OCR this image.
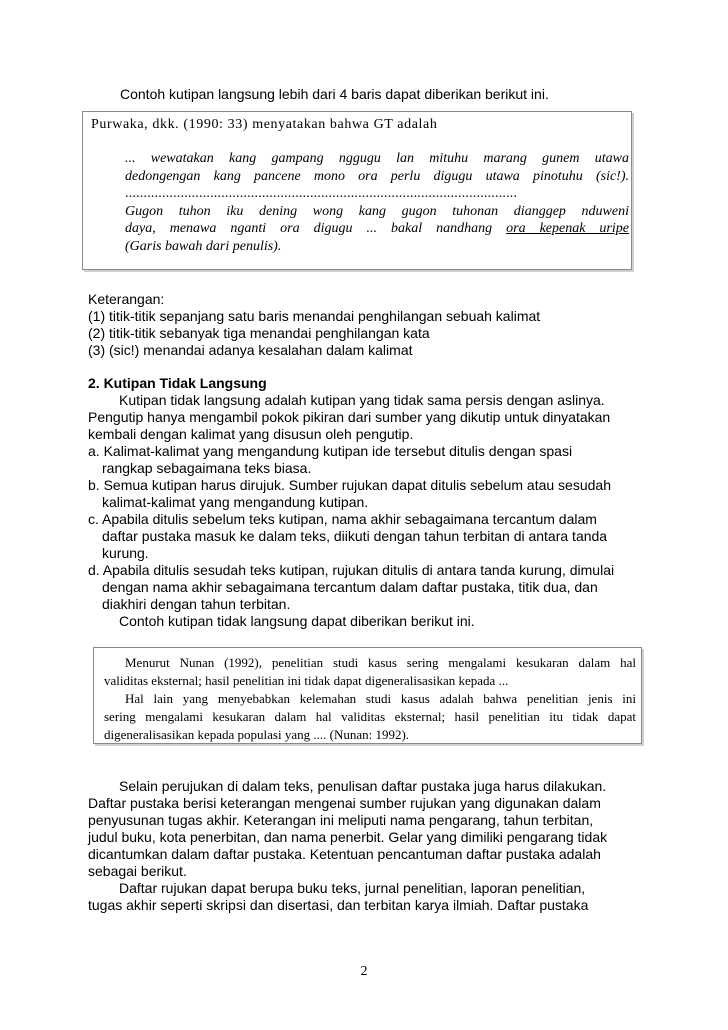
Contoh kutipan langsung lebih dari 4 baris dapat diberikan berikut ini.
Purwaka, dkk. (1990: 33) menyatakan bahwa GT adalah
... wewatakan kang gampang nggugu lan mituhu marang gunem utawa
dedongengan kang pancene mono ora perlu digugu utawa pinotuhu (sic!).
..........................................................................................................
Gugon tuhon iku dening wong kang gugon tuhonan dianggep nduweni
daya, menawa nganti ora digugu ... bakal nandhang ora kepenak uripe
(Garis bawah dari penulis).
Keterangan:
(1) titik-titik sepanjang satu baris menandai penghilangan sebuah kalimat
(2) titik-titik sebanyak tiga menandai penghilangan kata
(3) (sic!) menandai adanya kesalahan dalam kalimat
2. Kutipan Tidak Langsung
Kutipan tidak langsung adalah kutipan yang tidak sama persis dengan aslinya.
Pengutip hanya mengambil pokok pikiran dari sumber yang dikutip untuk dinyatakan
kembali dengan kalimat yang disusun oleh pengutip.
a. Kalimat-kalimat yang mengandung kutipan ide tersebut ditulis dengan spasi
rangkap sebagaimana teks biasa.
b. Semua kutipan harus dirujuk. Sumber rujukan dapat ditulis sebelum atau sesudah
kalimat-kalimat yang mengandung kutipan.
c. Apabila ditulis sebelum teks kutipan, nama akhir sebagaimana tercantum dalam
daftar pustaka masuk ke dalam teks, diikuti dengan tahun terbitan di antara tanda
kurung.
d. Apabila ditulis sesudah teks kutipan, rujukan ditulis di antara tanda kurung, dimulai
dengan nama akhir sebagaimana tercantum dalam daftar pustaka, titik dua, dan
diakhiri dengan tahun terbitan.
Contoh kutipan tidak langsung dapat diberikan berikut ini.
Menurut Nunan (1992), penelitian studi kasus sering mengalami kesukaran dalam hal
validitas eksternal; hasil penelitian ini tidak dapat digeneralisasikan kepada ...
Hal lain yang menyebabkan kelemahan studi kasus adalah bahwa penelitian jenis ini
sering mengalami kesukaran dalam hal validitas eksternal; hasil penelitian itu tidak dapat
digeneralisasikan kepada populasi yang .... (Nunan: 1992).
Selain perujukan di dalam teks, penulisan daftar pustaka juga harus dilakukan.
Daftar pustaka berisi keterangan mengenai sumber rujukan yang digunakan dalam
penyusunan tugas akhir. Keterangan ini meliputi nama pengarang, tahun terbitan,
judul buku, kota penerbitan, dan nama penerbit. Gelar yang dimiliki pengarang tidak
dicantumkan dalam daftar pustaka. Ketentuan pencantuman daftar pustaka adalah
sebagai berikut.
Daftar rujukan dapat berupa buku teks, jurnal penelitian, laporan penelitian,
tugas akhir seperti skripsi dan disertasi, dan terbitan karya ilmiah. Daftar pustaka
2
